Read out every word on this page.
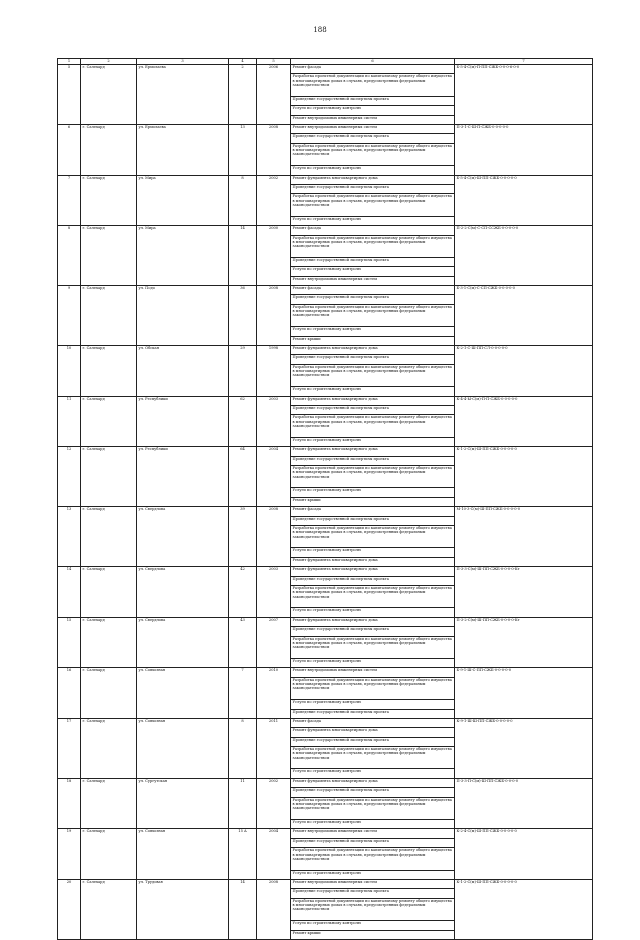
188
1	2	3	4	5	6	7
5	г. Салехард	ул. Ермолаева	2	2006	Ремонт фасада	Б-5-4-С(м)-П-ПП-СЖБ-0-0-0-6-0-0
					Разработка проектной документации по капитальному ремонту общего имущества в многоквартирных домах в случаях, предусмотренных федеральным законодательством	
					Проведение государственной экспертизы проекта	
					Услуги по строительному контролю	
					Ремонт внутридомовых инженерных систем	
6	г. Салехард	ул. Ермолаева	13	2008	Ремонт внутридомовых инженерных систем	П-3-1-С-Ш-П-СЖБ-0-0-0-0-0
					Проведение государственной экспертизы проекта	
					Разработка проектной документации по капитальному ремонту общего имущества в многоквартирных домах в случаях, предусмотренных федеральным законодательством	
					Услуги по строительному контролю	
7	г. Салехард	ул. Мира	8	2002	Ремонт фундамента многоквартирного дома	Б-5-4-С(м)-Ш-ПП-СЖБ-0-0-0-0-0
					Проведение государственной экспертизы проекта	
					Разработка проектной документации по капитальному ремонту общего имущества в многоквартирных домах в случаях, предусмотренных федеральным законодательством	
					Услуги по строительному контролю	
8	г. Салехард	ул. Мира	14	2000	Ремонт фасада	П-2-2-С(м)-С-СП-ССЖБ-0-0-0-0-0
					Разработка проектной документации по капитальному ремонту общего имущества в многоквартирных домах в случаях, предусмотренных федеральным законодательством	
					Проведение государственной экспертизы проекта	
					Услуги по строительному контролю	
					Ремонт внутридомовых инженерных систем	
9	г. Салехард	ул. Подо	36	2008	Ремонт фасада	Б-3-1-С(м)-С-СП-СЖБ-0-0-0-0-0
					Проведение государственной экспертизы проекта	
					Разработка проектной документации по капитальному ремонту общего имущества в многоквартирных домах в случаях, предусмотренных федеральным законодательством	
					Услуги по строительному контролю	
					Ремонт крыши	
10	г. Салехард	ул. Обская	29	1998	Ремонт фундамента многоквартирного дома	К-2-1-С-Ш-ПП-СЛ-0-0-0-0-0
					Проведение государственной экспертизы проекта	
					Разработка проектной документации по капитальному ремонту общего имущества в многоквартирных домах в случаях, предусмотренных федеральным законодательством	
					Услуги по строительному контролю	
11	г. Салехард	ул. Республики	62	2003	Ремонт фундамента многоквартирного дома	К-4-4-Ы-С(м)-П-П-СЖБ-0-0-0-0-0
					Проведение государственной экспертизы проекта	
					Разработка проектной документации по капитальному ремонту общего имущества в многоквартирных домах в случаях, предусмотренных федеральным законодательством	
					Услуги по строительному контролю	
12	г. Салехард	ул. Республики	64	2004	Ремонт фундамента многоквартирного дома	К-1-2-С(м)-Ш-ПП-СЖБ-0-0-0-0-0
					Проведение государственной экспертизы проекта	
					Разработка проектной документации по капитальному ремонту общего имущества в многоквартирных домах в случаях, предусмотренных федеральным законодательством	
					Услуги по строительному контролю	
					Ремонт крыши	
13	г. Салехард	ул. Свердлова	39	2008	Ремонт фасада	М-10-3-С(м)-Ш-ПП-СЖБ-0-0-0-0-0
					Проведение государственной экспертизы проекта	
					Разработка проектной документации по капитальному ремонту общего имущества в многоквартирных домах в случаях, предусмотренных федеральным законодательством	
					Услуги по строительному контролю	
					Ремонт фундамента многоквартирного дома	
14	г. Салехард	ул. Свердлова	42	2003	Ремонт фундамента многоквартирного дома	П-3-3-С(м)-Ш-ПП-СЖБ-0-0-0-0-Кт
					Проведение государственной экспертизы проекта	
					Разработка проектной документации по капитальному ремонту общего имущества в многоквартирных домах в случаях, предусмотренных федеральным законодательством	
					Услуги по строительному контролю	
15	г. Салехард	ул. Свердлова	43	2007	Ремонт фундамента многоквартирного дома	П-3-2-С(м)-Ш-ПП-СЖБ-0-0-0-0-Кт
					Проведение государственной экспертизы проекта	
					Разработка проектной документации по капитальному ремонту общего имущества в многоквартирных домах в случаях, предусмотренных федеральным законодательством	
					Услуги по строительному контролю	
16	г. Салехард	ул. Совхозная	7	2010	Ремонт внутридомовых инженерных систем	Б-9-1-Ш-С-ПП-СЖБ-0-0-0-0-0
					Разработка проектной документации по капитальному ремонту общего имущества в многоквартирных домах в случаях, предусмотренных федеральным законодательством	
					Услуги по строительному контролю	
					Проведение государственной экспертизы проекта	
17	г. Салехард	ул. Совхозная	8	2011	Ремонт фасада	К-9-1-Ш-Ш-ПП-СЖБ-0-0-0-0-0
					Ремонт фундамента многоквартирного дома	
					Проведение государственной экспертизы проекта	
					Разработка проектной документации по капитальному ремонту общего имущества в многоквартирных домах в случаях, предусмотренных федеральным законодательством	
					Услуги по строительному контролю	
18	г. Салехард	ул. Сургутская	11	2002	Ремонт фундамента многоквартирного дома	П-3-3-П-С(м)-Ш-ПП-СЖБ-0-0-0-0
					Проведение государственной экспертизы проекта	
					Разработка проектной документации по капитальному ремонту общего имущества в многоквартирных домах в случаях, предусмотренных федеральным законодательством	
					Услуги по строительному контролю	
19	г. Салехард	ул. Совхозная	15 А	2004	Ремонт внутридомовых инженерных систем	К-2-4-С(м)-Ш-ПП-СЖБ-0-0-0-0-0
					Проведение государственной экспертизы проекта	
					Разработка проектной документации по капитальному ремонту общего имущества в многоквартирных домах в случаях, предусмотренных федеральным законодательством	
					Услуги по строительному контролю	
20	г. Салехард	ул. Трудовая	14	2008	Ремонт внутридомовых инженерных систем	К-1-2-С(м)-Ш-ПП-СЖБ-0-0-0-0-0
					Проведение государственной экспертизы проекта	
					Разработка проектной документации по капитальному ремонту общего имущества в многоквартирных домах в случаях, предусмотренных федеральным законодательством	
					Услуги по строительному контролю	
					Ремонт крыши	
